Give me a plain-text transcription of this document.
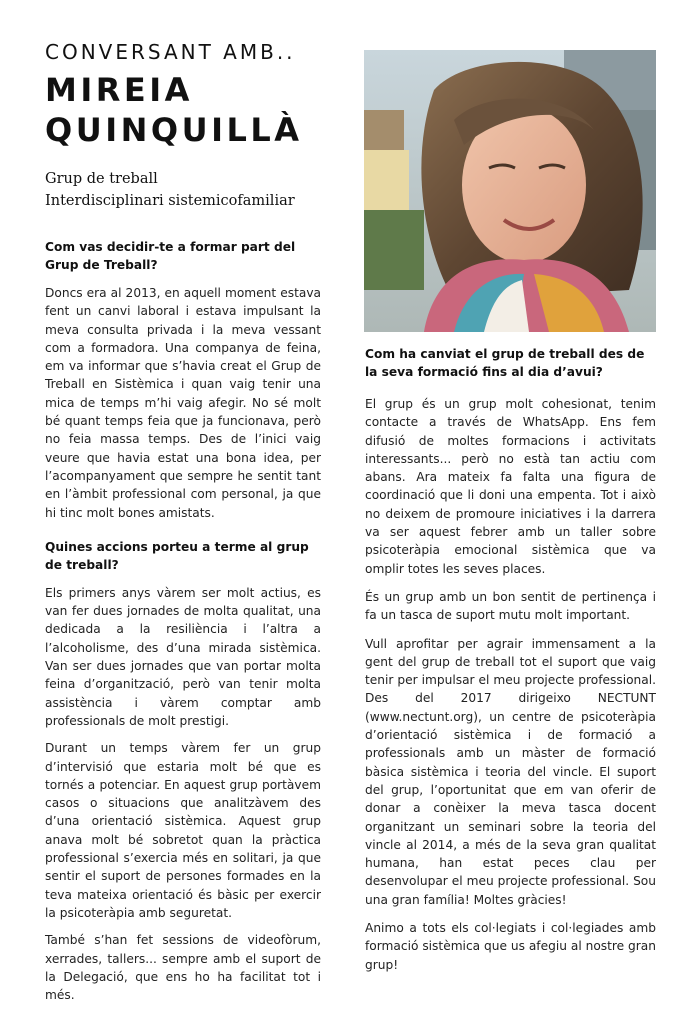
CONVERSANT AMB..
MIREIA
QUINQUILLÀ
Grup de treball
Interdisciplinari sistemicofamiliar

Com vas decidir-te a formar part del Grup de Treball?

Doncs era al 2013, en aquell moment estava fent un canvi laboral i estava impulsant la meva consulta privada i la meva vessant com a formadora. Una companya de feina, em va informar que s’havia creat el Grup de Treball en Sistèmica i quan vaig tenir una mica de temps m’hi vaig afegir. No sé molt bé quant temps feia que ja funcionava, però no feia massa temps. Des de l’inici vaig veure que havia estat una bona idea, per l’acompanyament que sempre he sentit tant en l’àmbit professional com personal, ja que hi tinc molt bones amistats.

Quines accions porteu a terme al grup de treball?

Els primers anys vàrem ser molt actius, es van fer dues jornades de molta qualitat, una dedicada a la resiliència i l’altra a l’alcoholisme, des d’una mirada sistèmica. Van ser dues jornades que van portar molta feina d’organització, però van tenir molta assistència i vàrem comptar amb professionals de molt prestigi.

Durant un temps vàrem fer un grup d’intervisió que estaria molt bé que es tornés a potenciar. En aquest grup portàvem casos o situacions que analitzàvem des d’una orientació sistèmica. Aquest grup anava molt bé sobretot quan la pràctica professional s’exercia més en solitari, ja que sentir el suport de persones formades en la teva mateixa orientació és bàsic per exercir la psicoteràpia amb seguretat.

També s’han fet sessions de videofòrum, xerrades, tallers... sempre amb el suport de la Delegació, que ens ho ha facilitat tot i més.

Com ha canviat el grup de treball des de la seva formació fins al dia d’avui?

El grup és un grup molt cohesionat, tenim contacte a través de WhatsApp. Ens fem difusió de moltes formacions i activitats interessants... però no està tan actiu com abans. Ara mateix fa falta una figura de coordinació que li doni una empenta. Tot i això no deixem de promoure iniciatives i la darrera va ser aquest febrer amb un taller sobre psicoteràpia emocional sistèmica que va omplir totes les seves places.

És un grup amb un bon sentit de pertinença i fa un tasca de suport mutu molt important.

Vull aprofitar per agrair immensament a la gent del grup de treball tot el suport que vaig tenir per impulsar el meu projecte professional. Des del 2017 dirigeixo NECTUNT (www.nectunt.org), un centre de psicoteràpia d’orientació sistèmica i de formació a professionals amb un màster de formació bàsica sistèmica i teoria del vincle. El suport del grup, l’oportunitat que em van oferir de donar a conèixer la meva tasca docent organitzant un seminari sobre la teoria del vincle al 2014, a més de la seva gran qualitat humana, han estat peces clau per desenvolupar el meu projecte professional. Sou una gran família! Moltes gràcies!

Animo a tots els col·legiats i col·legiades amb formació sistèmica que us afegiu al nostre gran grup!
